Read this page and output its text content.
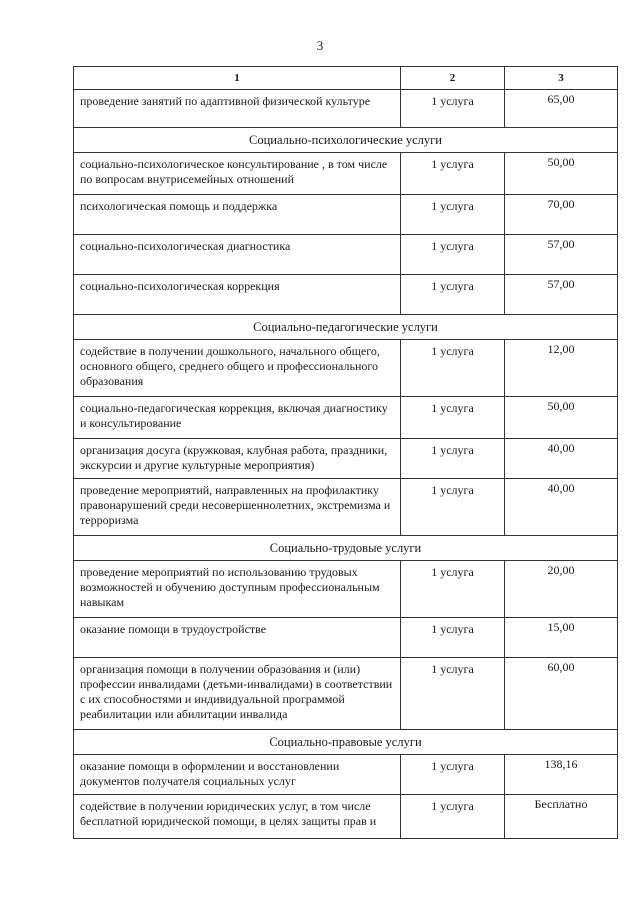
3
1	2	3
проведение занятий по адаптивной физической культуре	1 услуга	65,00
Социально-психологические услуги		
социально-психологическое консультирование , в том числе по вопросам внутрисемейных отношений	1 услуга	50,00
психологическая помощь и поддержка	1 услуга	70,00
социально-психологическая диагностика	1 услуга	57,00
социально-психологическая коррекция	1 услуга	57,00
Социально-педагогические услуги		
содействие в получении дошкольного, начального общего, основного общего, среднего общего и профессионального образования	1 услуга	12,00
социально-педагогическая коррекция, включая диагностику и консультирование	1 услуга	50,00
организация досуга (кружковая, клубная работа, праздники, экскурсии и другие культурные мероприятия)	1 услуга	40,00
проведение мероприятий, направленных на профилактику правонарушений среди несовершеннолетних, экстремизма и терроризма	1 услуга	40,00
Социально-трудовые услуги		
проведение мероприятий по использованию трудовых возможностей и обучению доступным профессиональным навыкам	1 услуга	20,00
оказание помощи в трудоустройстве	1 услуга	15,00
организация помощи в получении образования и (или) профессии инвалидами (детьми-инвалидами) в соответствии с их способностями и индивидуальной программой реабилитации или абилитации инвалида	1 услуга	60,00
Социально-правовые услуги		
оказание помощи в оформлении и восстановлении документов получателя социальных услуг	1 услуга	138,16
содействие в получении юридических услуг, в том числе бесплатной юридической помощи, в целях защиты прав и	1 услуга	Бесплатно
